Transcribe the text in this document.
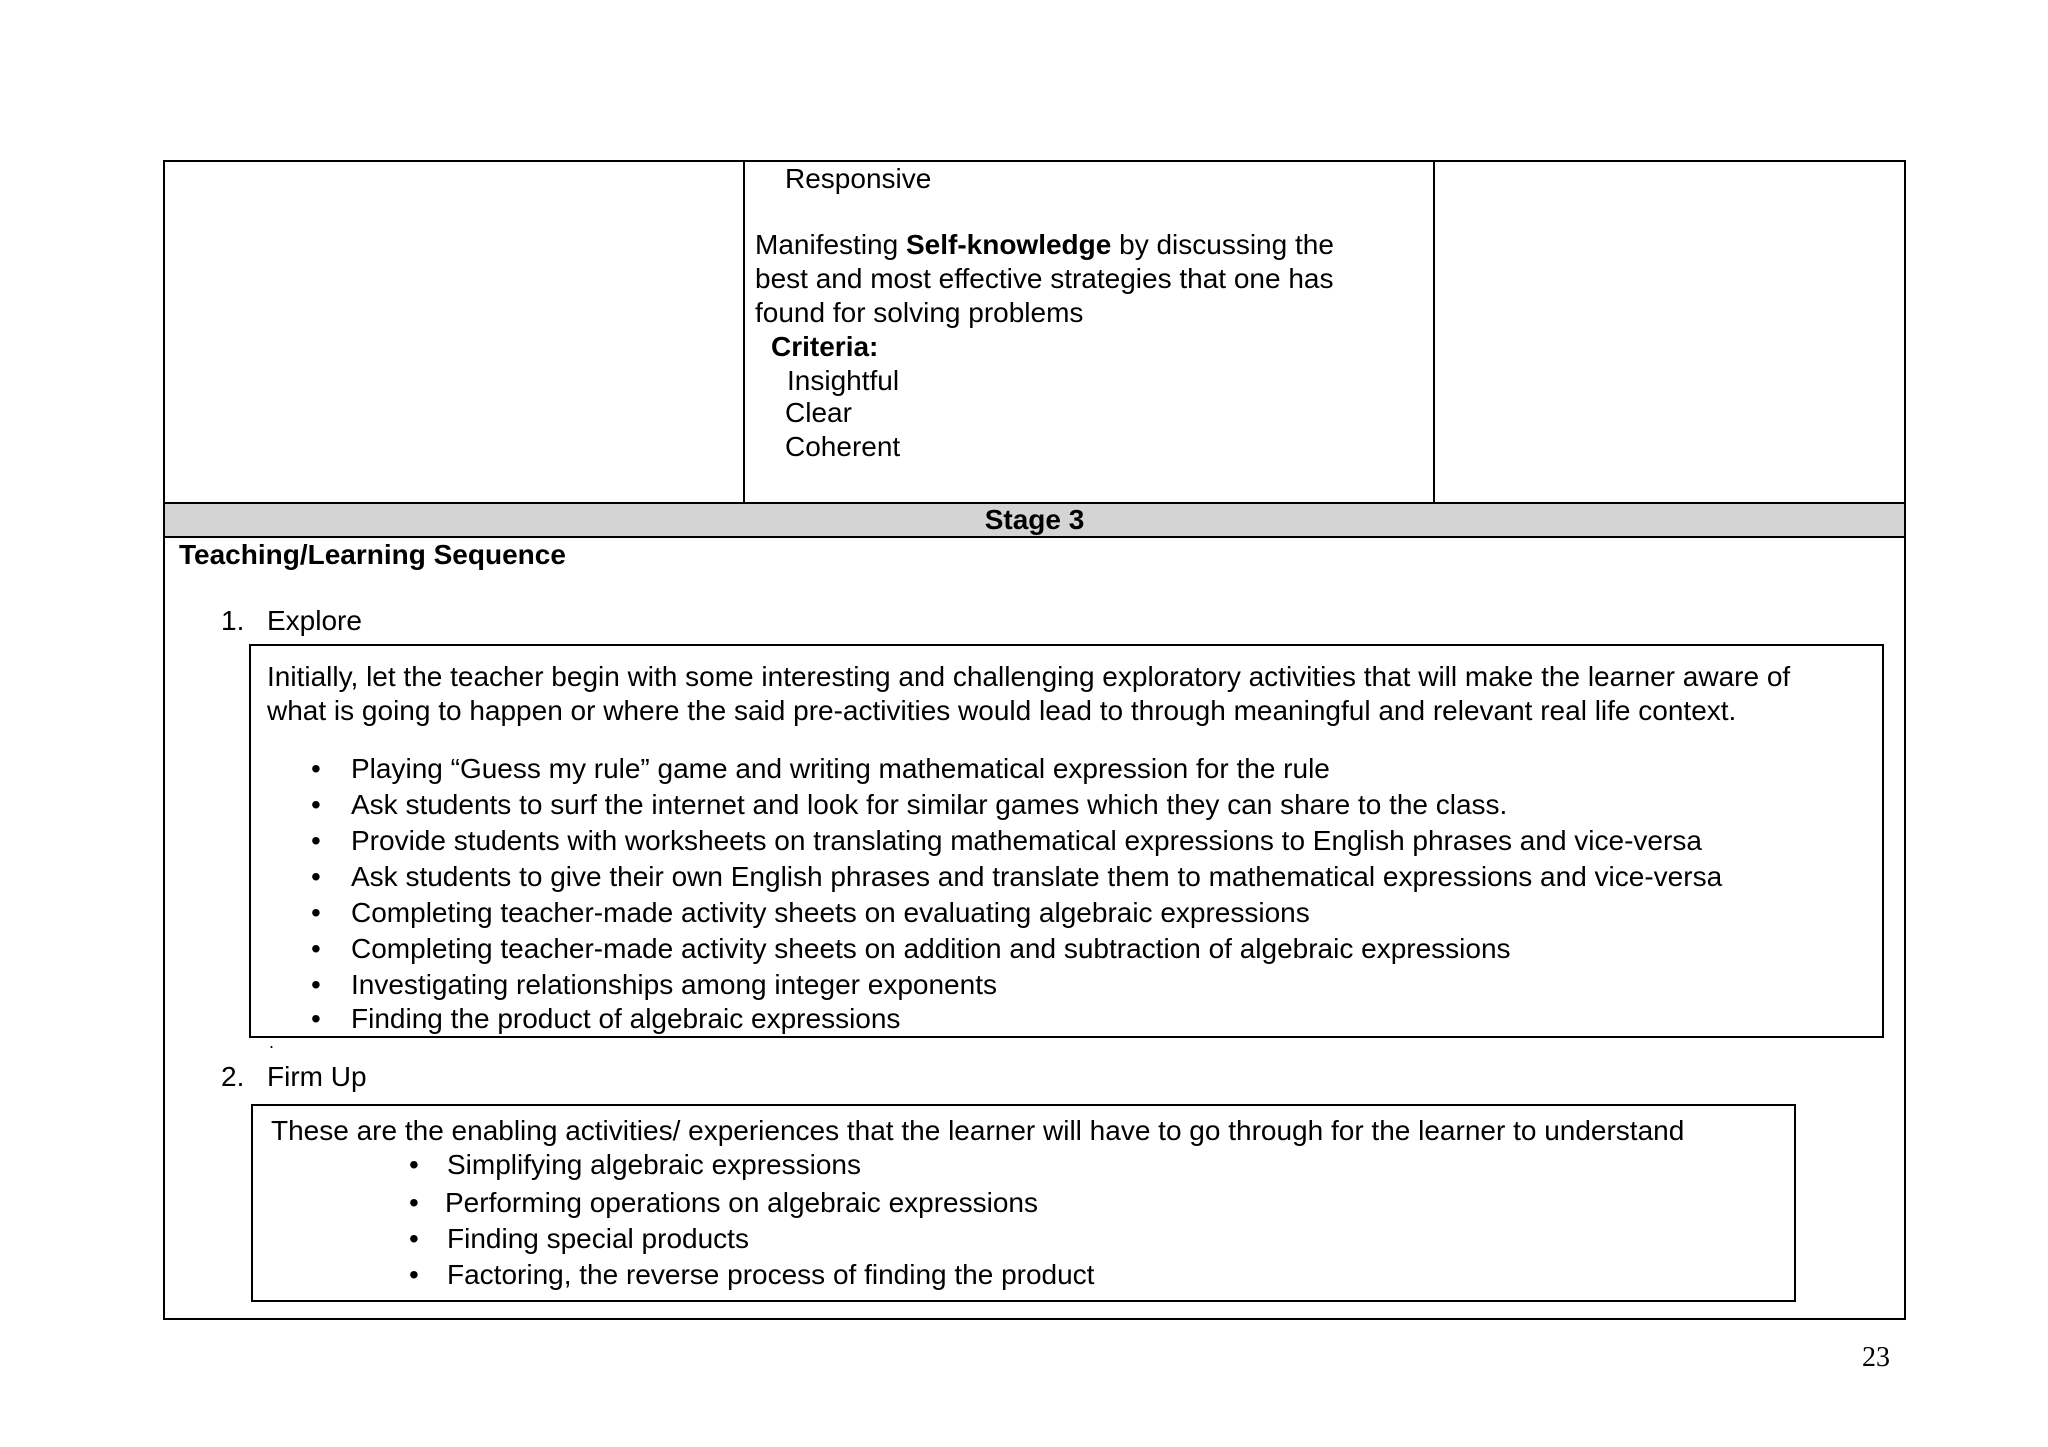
Responsive
Manifesting Self-knowledge by discussing the
best and most effective strategies that one has
found for solving problems
Criteria:
Insightful
Clear
Coherent
Stage 3
Teaching/Learning Sequence
1. Explore
Initially, let the teacher begin with some interesting and challenging exploratory activities that will make the learner aware of
what is going to happen or where the said pre-activities would lead to through meaningful and relevant real life context.
• Playing “Guess my rule” game and writing mathematical expression for the rule
• Ask students to surf the internet and look for similar games which they can share to the class.
• Provide students with worksheets on translating mathematical expressions to English phrases and vice-versa
• Ask students to give their own English phrases and translate them to mathematical expressions and vice-versa
• Completing teacher-made activity sheets on evaluating algebraic expressions
• Completing teacher-made activity sheets on addition and subtraction of algebraic expressions
• Investigating relationships among integer exponents
• Finding the product of algebraic expressions
.
2. Firm Up
These are the enabling activities/ experiences that the learner will have to go through for the learner to understand
• Simplifying algebraic expressions
• Performing operations on algebraic expressions
• Finding special products
• Factoring, the reverse process of finding the product
23
